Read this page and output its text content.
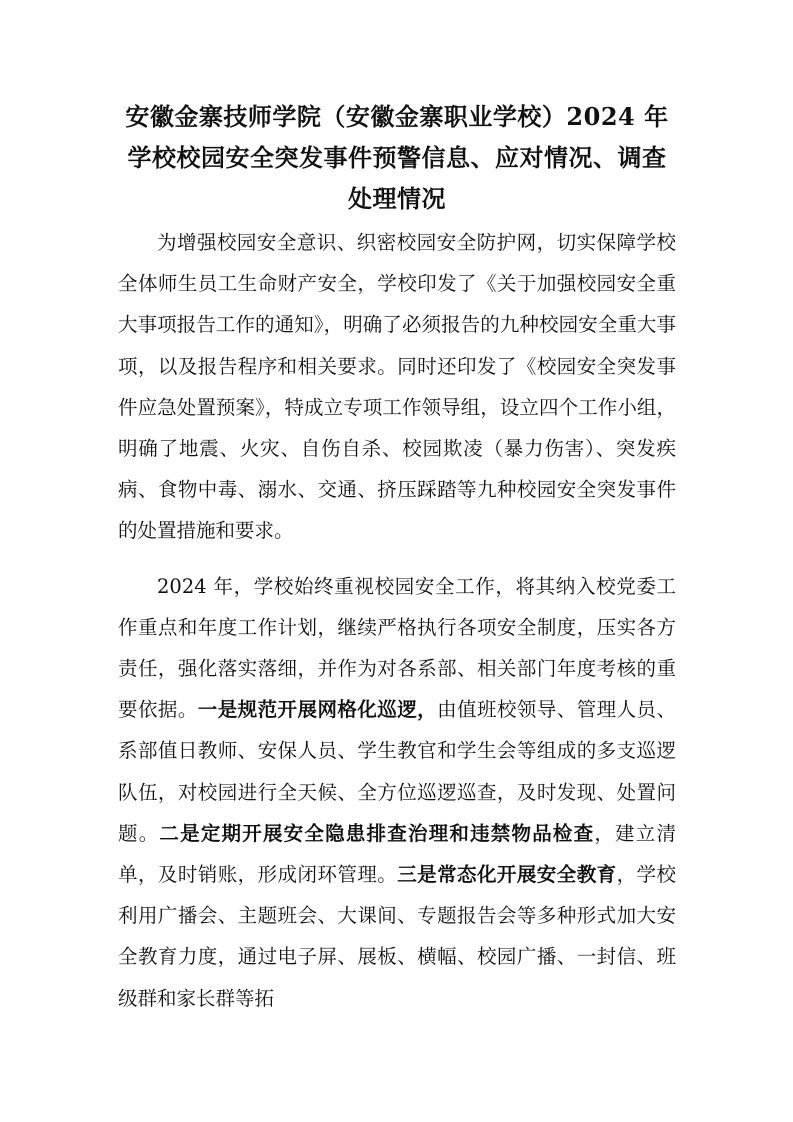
安徽金寨技师学院（安徽金寨职业学校）2024 年
学校校园安全突发事件预警信息、应对情况、调查
处理情况

为增强校园安全意识、织密校园安全防护网，切实保障学校全体师生员工生命财产安全，学校印发了《关于加强校园安全重大事项报告工作的通知》，明确了必须报告的九种校园安全重大事项，以及报告程序和相关要求。同时还印发了《校园安全突发事件应急处置预案》，特成立专项工作领导组，设立四个工作小组，明确了地震、火灾、自伤自杀、校园欺凌（暴力伤害）、突发疾病、食物中毒、溺水、交通、挤压踩踏等九种校园安全突发事件的处置措施和要求。

2024 年，学校始终重视校园安全工作，将其纳入校党委工作重点和年度工作计划，继续严格执行各项安全制度，压实各方责任，强化落实落细，并作为对各系部、相关部门年度考核的重要依据。一是规范开展网格化巡逻，由值班校领导、管理人员、系部值日教师、安保人员、学生教官和学生会等组成的多支巡逻队伍，对校园进行全天候、全方位巡逻巡查，及时发现、处置问题。二是定期开展安全隐患排查治理和违禁物品检查，建立清单，及时销账，形成闭环管理。三是常态化开展安全教育，学校利用广播会、主题班会、大课间、专题报告会等多种形式加大安全教育力度，通过电子屏、展板、横幅、校园广播、一封信、班级群和家长群等拓
